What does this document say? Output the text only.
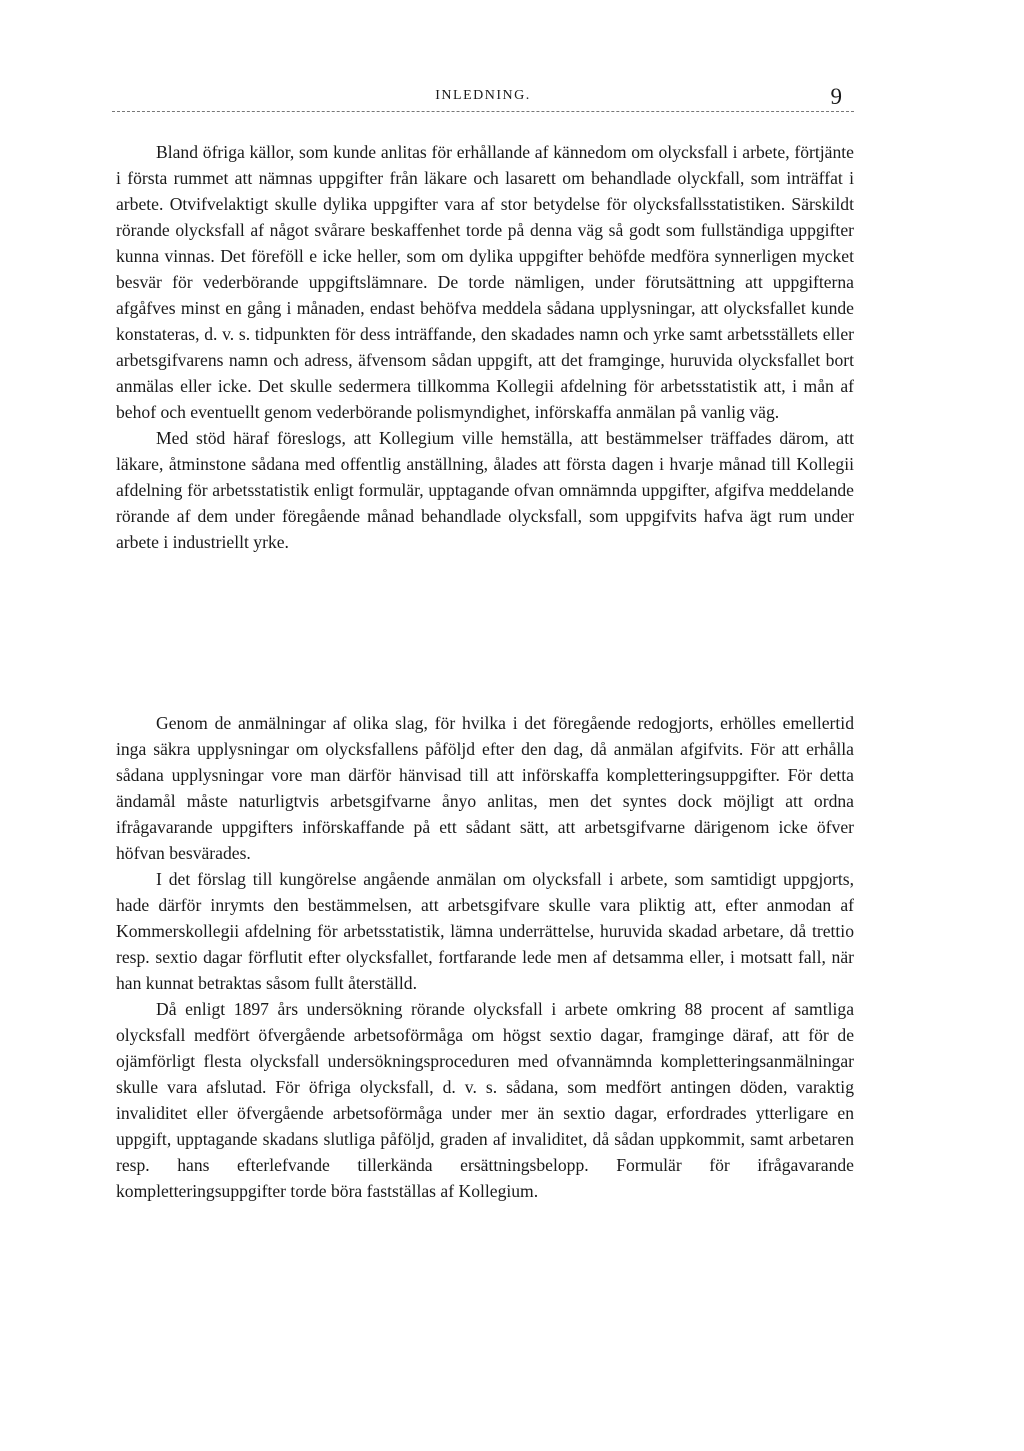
INLEDNING.	9

Bland öfriga källor, som kunde anlitas för erhållande af kännedom om olycksfall i arbete, förtjänte i första rummet att nämnas uppgifter från läkare och lasarett om behandlade olyckfall, som inträffat i arbete. Otvifvelaktigt skulle dylika uppgifter vara af stor betydelse för olycksfallsstatistiken. Särskildt rörande olycksfall af något svårare beskaffenhet torde på denna väg så godt som fullständiga uppgifter kunna vinnas. Det föreföll e icke heller, som om dylika uppgifter behöfde medföra synnerligen mycket besvär för vederbörande uppgiftslämnare. De torde nämligen, under förutsättning att uppgifterna afgåfves minst en gång i månaden, endast behöfva meddela sådana upplysningar, att olycksfallet kunde konstateras, d. v. s. tidpunkten för dess inträffande, den skadades namn och yrke samt arbetsställets eller arbetsgifvarens namn och adress, äfvensom sådan uppgift, att det framginge, huruvida olycksfallet bort anmälas eller icke. Det skulle sedermera tillkomma Kollegii afdelning för arbetsstatistik att, i mån af behof och eventuellt genom vederbörande polismyndighet, införskaffa anmälan på vanlig väg.

Med stöd häraf föreslogs, att Kollegium ville hemställa, att bestämmelser träffades därom, att läkare, åtminstone sådana med offentlig anställning, ålades att första dagen i hvarje månad till Kollegii afdelning för arbetsstatistik enligt formulär, upptagande ofvan omnämnda uppgifter, afgifva meddelande rörande af dem under föregående månad behandlade olycksfall, som uppgifvits hafva ägt rum under arbete i industriellt yrke.

Genom de anmälningar af olika slag, för hvilka i det föregående redogjorts, erhölles emellertid inga säkra upplysningar om olycksfallens påföljd efter den dag, då anmälan afgifvits. För att erhålla sådana upplysningar vore man därför hänvisad till att införskaffa kompletteringsuppgifter. För detta ändamål måste naturligtvis arbetsgifvarne ånyo anlitas, men det syntes dock möjligt att ordna ifrågavarande uppgifters införskaffande på ett sådant sätt, att arbetsgifvarne därigenom icke öfver höfvan besvärades.

I det förslag till kungörelse angående anmälan om olycksfall i arbete, som samtidigt uppgjorts, hade därför inrymts den bestämmelsen, att arbetsgifvare skulle vara pliktig att, efter anmodan af Kommerskollegii afdelning för arbetsstatistik, lämna underrättelse, huruvida skadad arbetare, då trettio resp. sextio dagar förflutit efter olycksfallet, fortfarande lede men af detsamma eller, i motsatt fall, när han kunnat betraktas såsom fullt återställd.

Då enligt 1897 års undersökning rörande olycksfall i arbete omkring 88 procent af samtliga olycksfall medfört öfvergående arbetsoförmåga om högst sextio dagar, framginge däraf, att för de ojämförligt flesta olycksfall undersökningsproceduren med ofvannämnda kompletteringsanmälningar skulle vara afslutad. För öfriga olycksfall, d. v. s. sådana, som medfört antingen döden, varaktig invaliditet eller öfvergående arbetsoförmåga under mer än sextio dagar, erfordrades ytterligare en uppgift, upptagande skadans slutliga påföljd, graden af invaliditet, då sådan uppkommit, samt arbetaren resp. hans efterlefvande tillerkända ersättningsbelopp. Formulär för ifrågavarande kompletteringsuppgifter torde böra fastställas af Kollegium.
